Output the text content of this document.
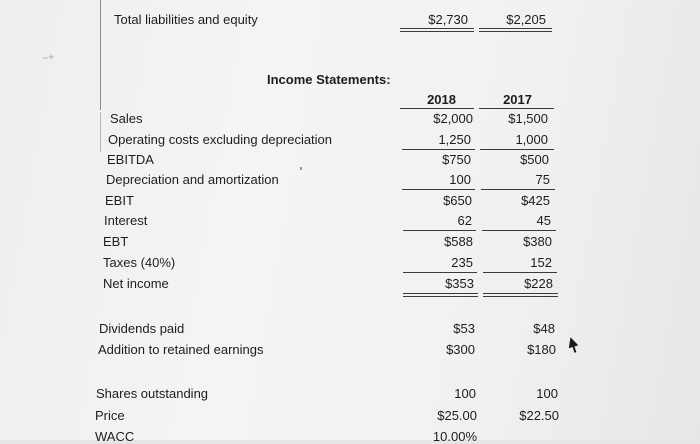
~+
Total liabilities and equity	$2,730	$2,205
Income Statements:
2018	2017
Sales	$2,000	$1,500
Operating costs excluding depreciation	1,250	1,000
EBITDA	$750	$500
Depreciation and amortization	100	75
EBIT	$650	$425
Interest	62	45
EBT	$588	$380
Taxes (40%)	235	152
Net income	$353	$228
Dividends paid	$53	$48
Addition to retained earnings	$300	$180
Shares outstanding	100	100
Price	$25.00	$22.50
WACC	10.00%
